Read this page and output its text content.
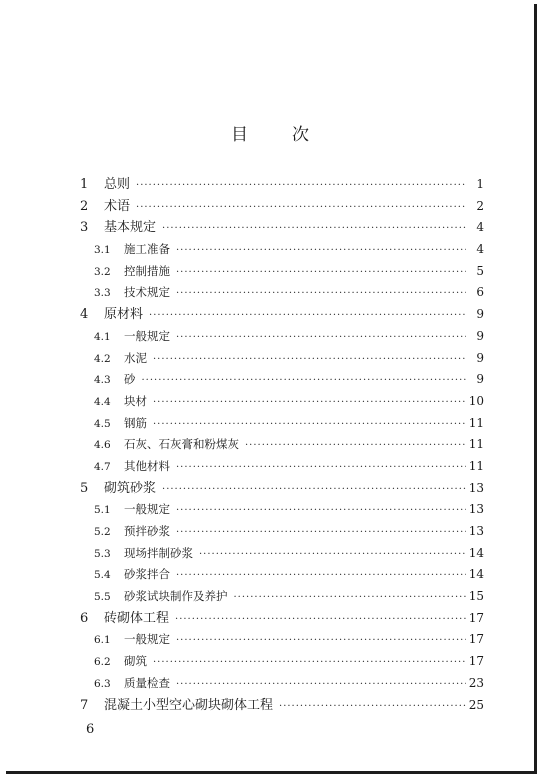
目	次
1	总则 ·····	1
2	术语 ·····	2
3	基本规定 ·····	4
3.1	施工准备 ·····	4
3.2	控制措施 ·····	5
3.3	技术规定 ·····	6
4	原材料 ·····	9
4.1	一般规定 ·····	9
4.2	水泥 ·····	9
4.3	砂 ·····	9
4.4	块材 ·····	10
4.5	钢筋 ·····	11
4.6	石灰、石灰膏和粉煤灰 ·····	11
4.7	其他材料 ·····	11
5	砌筑砂浆 ·····	13
5.1	一般规定 ·····	13
5.2	预拌砂浆 ·····	13
5.3	现场拌制砂浆 ·····	14
5.4	砂浆拌合 ·····	14
5.5	砂浆试块制作及养护 ·····	15
6	砖砌体工程 ·····	17
6.1	一般规定 ·····	17
6.2	砌筑 ·····	17
6.3	质量检查 ·····	23
7	混凝土小型空心砌块砌体工程 ·····	25
6
